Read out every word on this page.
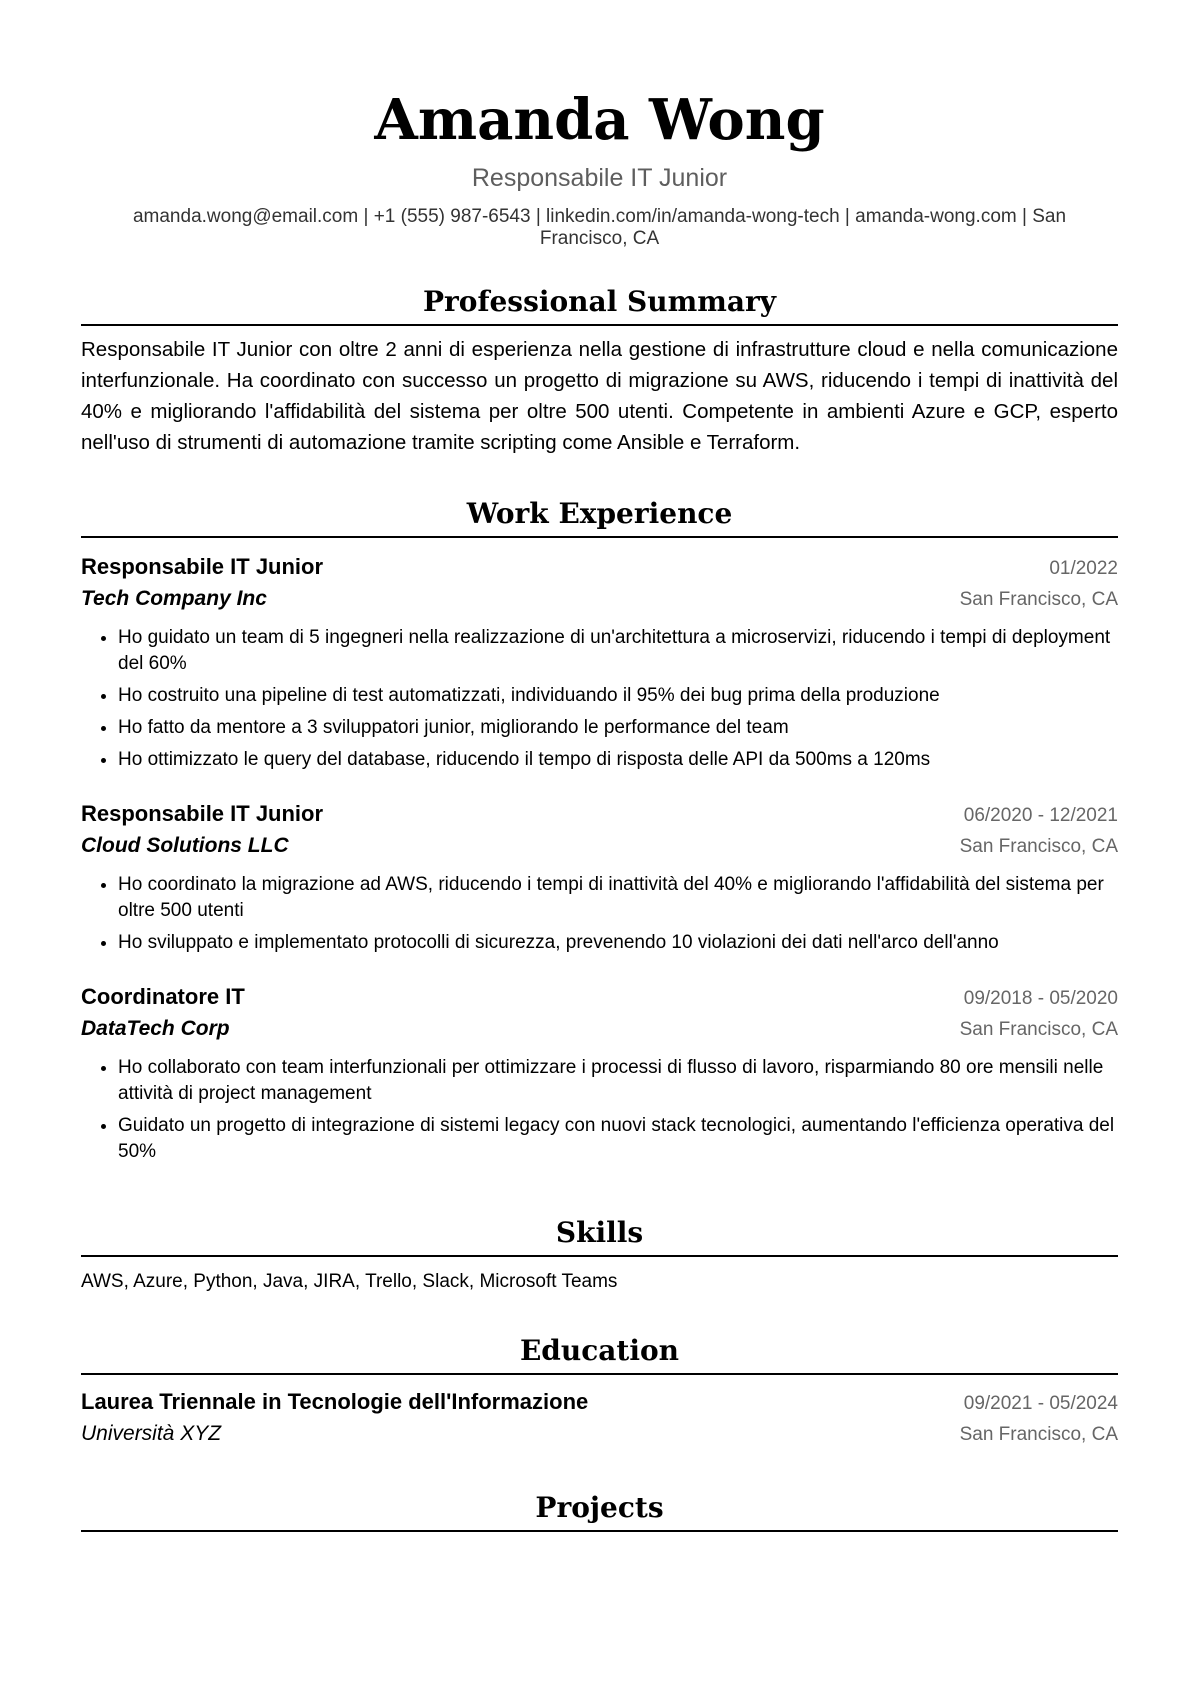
Amanda Wong
Responsabile IT Junior
amanda.wong@email.com | +1 (555) 987-6543 | linkedin.com/in/amanda-wong-tech | amanda-wong.com | San Francisco, CA
Professional Summary
Responsabile IT Junior con oltre 2 anni di esperienza nella gestione di infrastrutture cloud e nella comunicazione interfunzionale. Ha coordinato con successo un progetto di migrazione su AWS, riducendo i tempi di inattività del 40% e migliorando l'affidabilità del sistema per oltre 500 utenti. Competente in ambienti Azure e GCP, esperto nell'uso di strumenti di automazione tramite scripting come Ansible e Terraform.
Work Experience
Responsabile IT Junior	01/2022
Tech Company Inc	San Francisco, CA
• Ho guidato un team di 5 ingegneri nella realizzazione di un'architettura a microservizi, riducendo i tempi di deployment del 60%
• Ho costruito una pipeline di test automatizzati, individuando il 95% dei bug prima della produzione
• Ho fatto da mentore a 3 sviluppatori junior, migliorando le performance del team
• Ho ottimizzato le query del database, riducendo il tempo di risposta delle API da 500ms a 120ms
Responsabile IT Junior	06/2020 - 12/2021
Cloud Solutions LLC	San Francisco, CA
• Ho coordinato la migrazione ad AWS, riducendo i tempi di inattività del 40% e migliorando l'affidabilità del sistema per oltre 500 utenti
• Ho sviluppato e implementato protocolli di sicurezza, prevenendo 10 violazioni dei dati nell'arco dell'anno
Coordinatore IT	09/2018 - 05/2020
DataTech Corp	San Francisco, CA
• Ho collaborato con team interfunzionali per ottimizzare i processi di flusso di lavoro, risparmiando 80 ore mensili nelle attività di project management
• Guidato un progetto di integrazione di sistemi legacy con nuovi stack tecnologici, aumentando l'efficienza operativa del 50%
Skills
AWS, Azure, Python, Java, JIRA, Trello, Slack, Microsoft Teams
Education
Laurea Triennale in Tecnologie dell'Informazione	09/2021 - 05/2024
Università XYZ	San Francisco, CA
Projects
